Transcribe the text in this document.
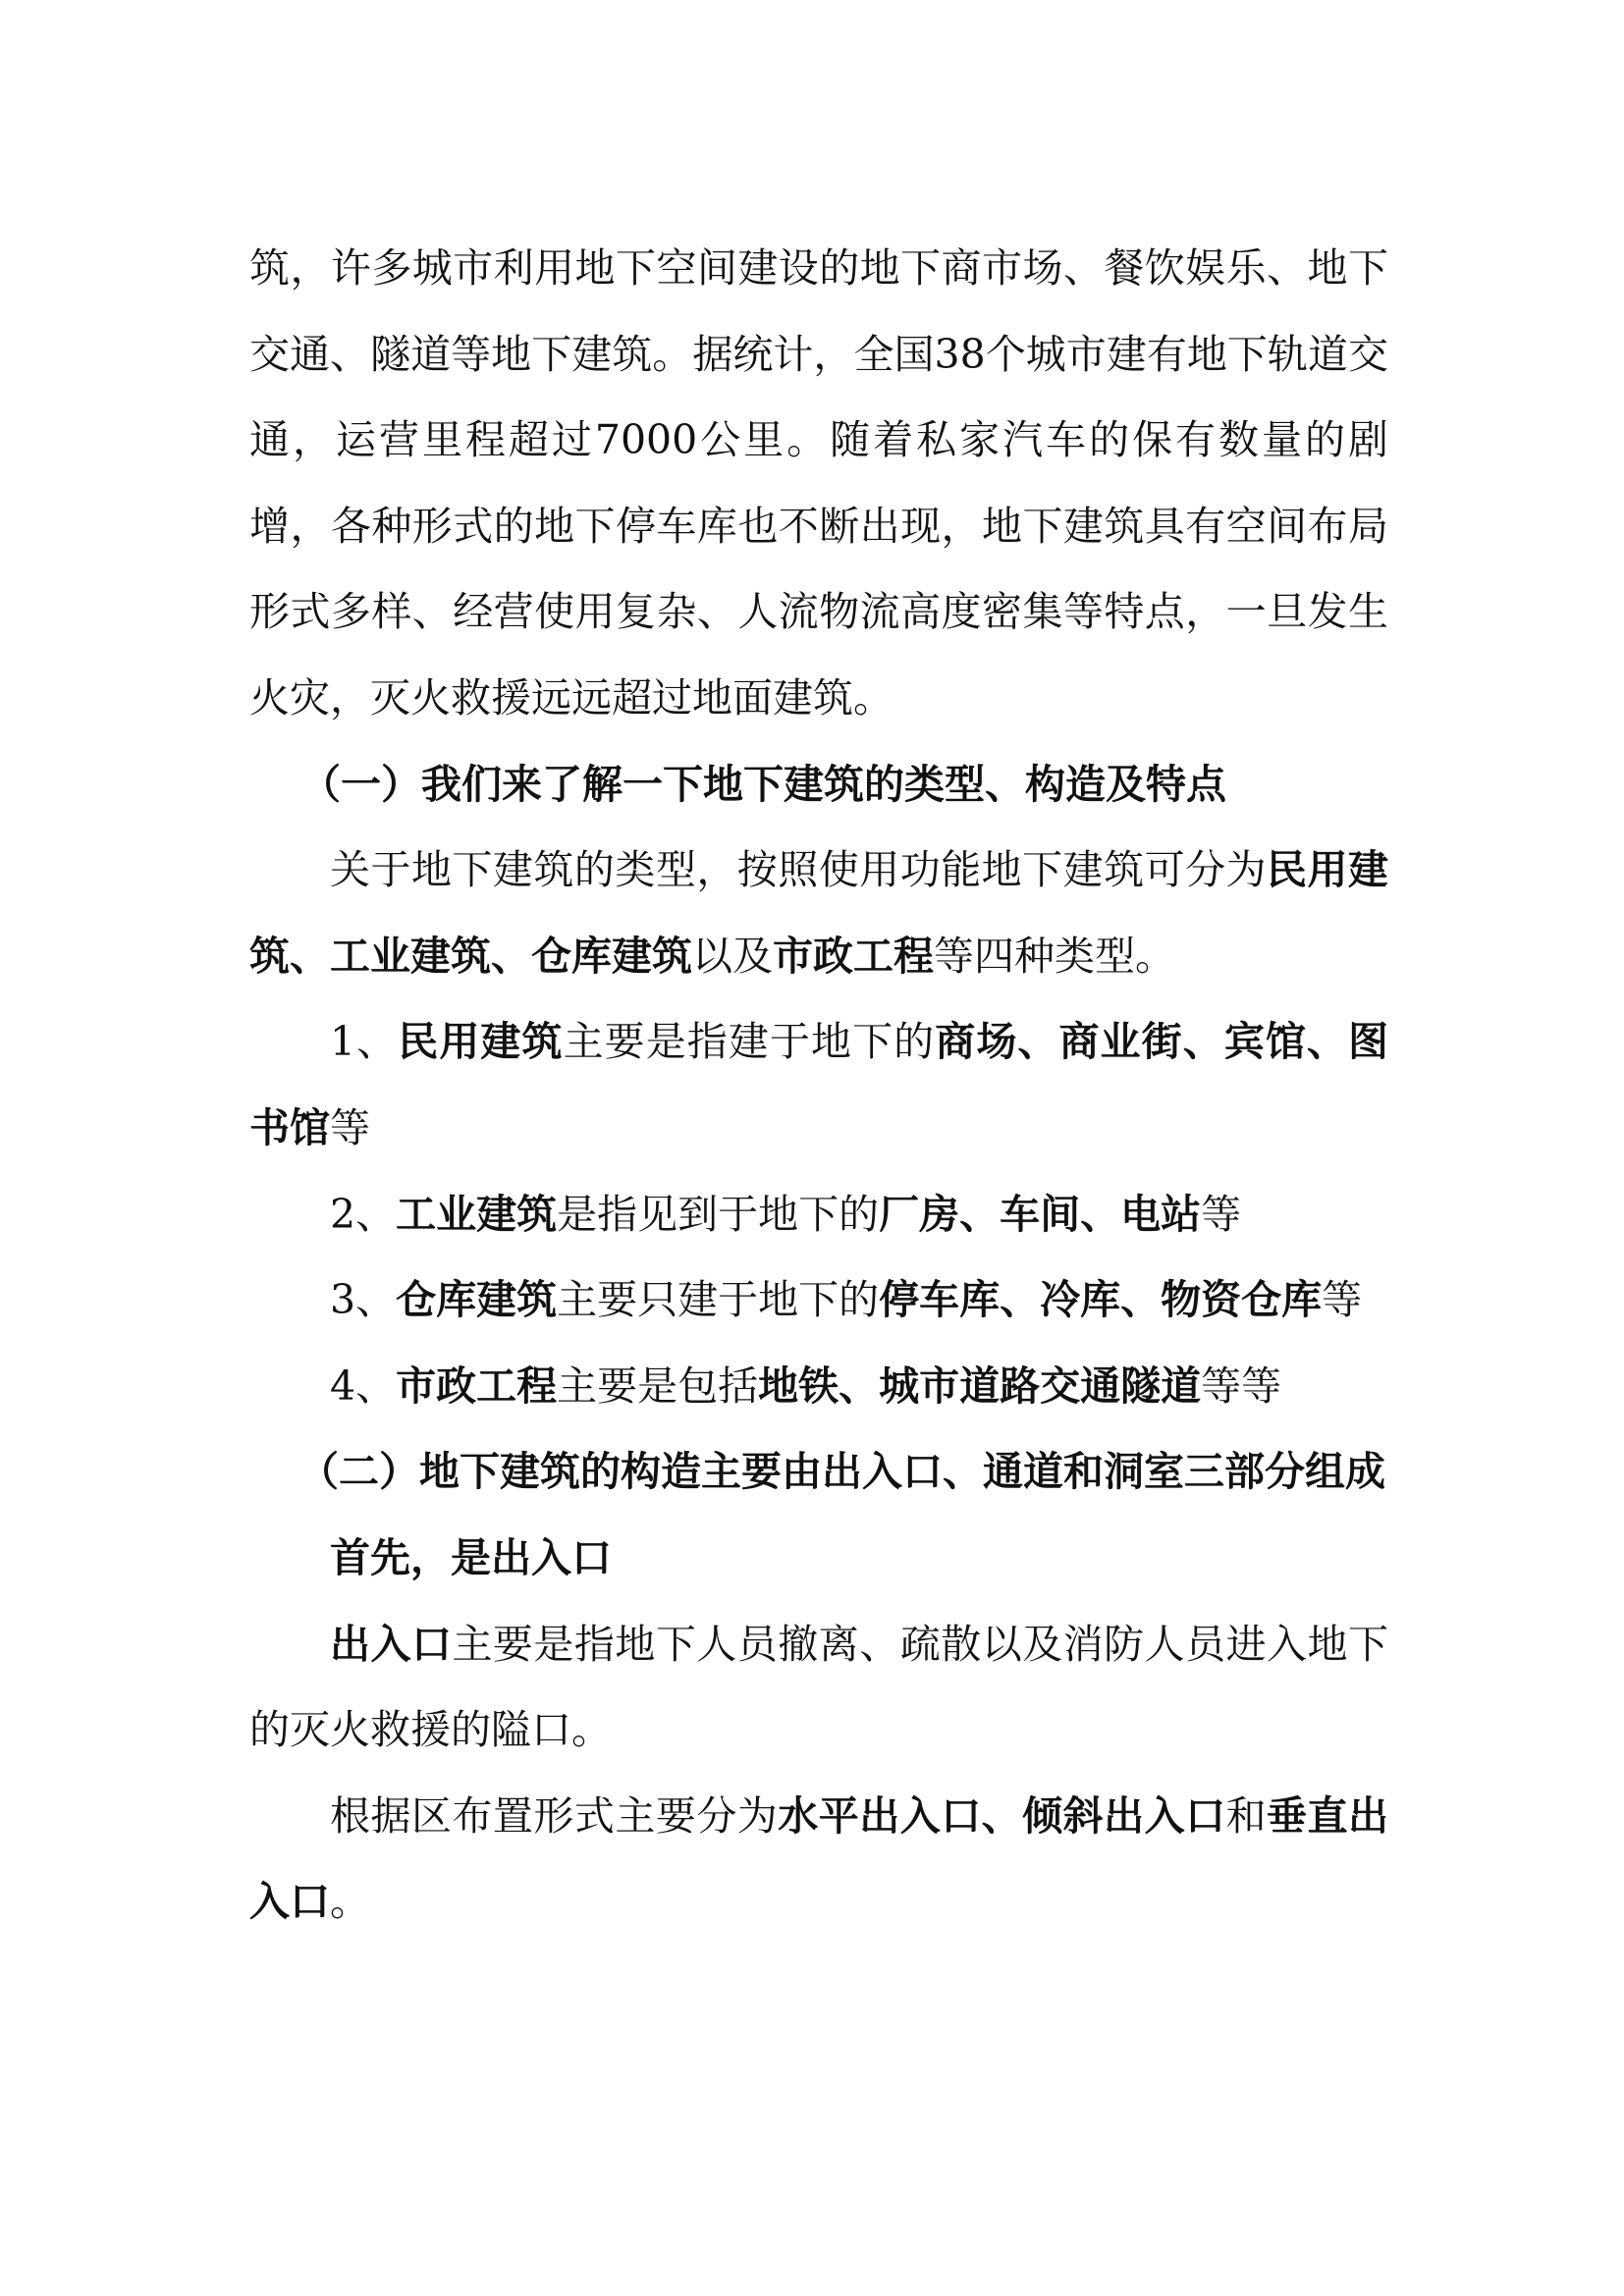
筑，许多城市利用地下空间建设的地下商市场、餐饮娱乐、地下交通、隧道等地下建筑。据统计，全国38个城市建有地下轨道交通，运营里程超过7000公里。随着私家汽车的保有数量的剧增，各种形式的地下停车库也不断出现，地下建筑具有空间布局形式多样、经营使用复杂、人流物流高度密集等特点，一旦发生火灾，灭火救援远远超过地面建筑。

（一）我们来了解一下地下建筑的类型、构造及特点

关于地下建筑的类型，按照使用功能地下建筑可分为民用建筑、工业建筑、仓库建筑以及市政工程等四种类型。

1、民用建筑主要是指建于地下的商场、商业街、宾馆、图书馆等

2、工业建筑是指见到于地下的厂房、车间、电站等

3、仓库建筑主要只建于地下的停车库、冷库、物资仓库等

4、市政工程主要是包括地铁、城市道路交通隧道等等

（二）地下建筑的构造主要由出入口、通道和洞室三部分组成

首先，是出入口

出入口主要是指地下人员撤离、疏散以及消防人员进入地下的灭火救援的隘口。

根据区布置形式主要分为水平出入口、倾斜出入口和垂直出入口。
